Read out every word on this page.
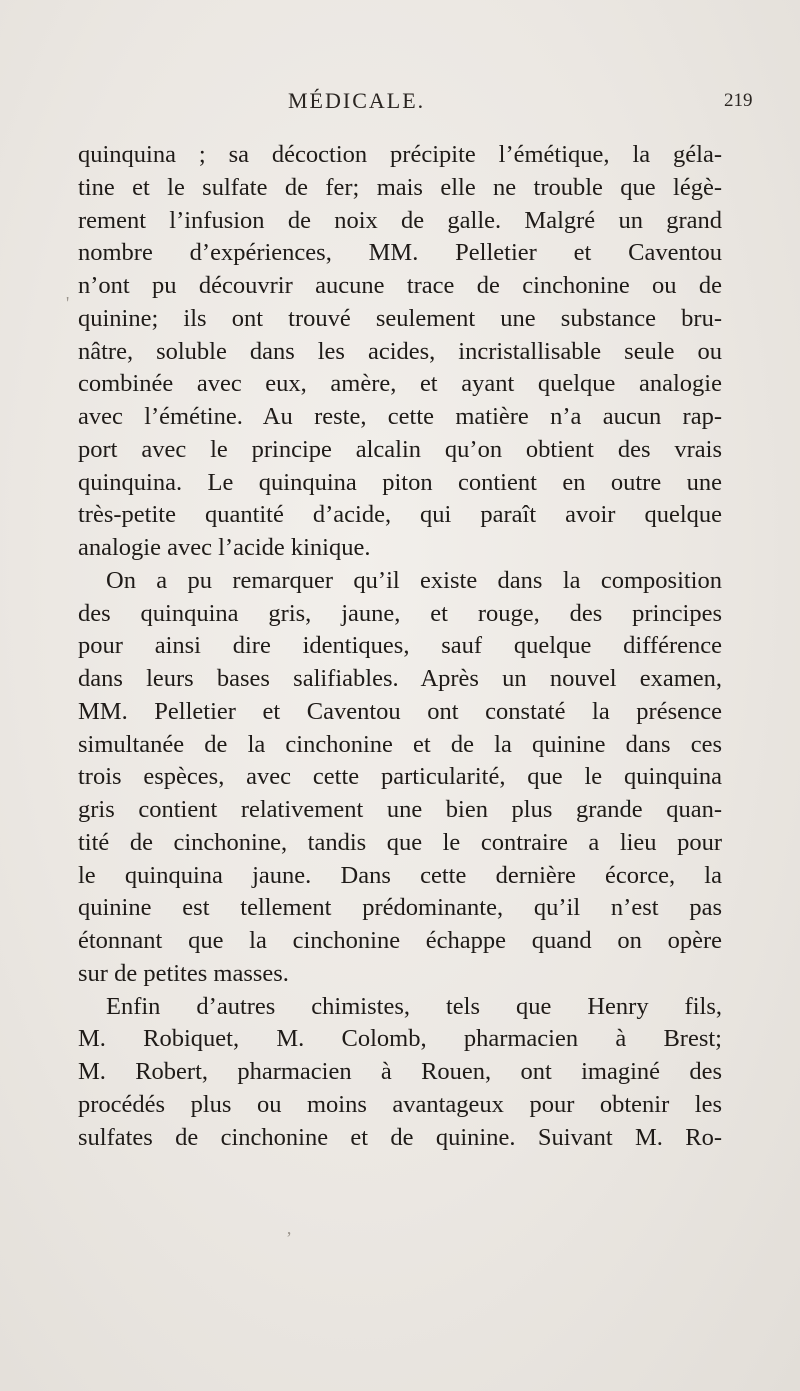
MÉDICALE.	219
quinquina ; sa décoction précipite l’émétique, la géla-
tine et le sulfate de fer; mais elle ne trouble que légè-
rement l’infusion de noix de galle. Malgré un grand
nombre d’expériences, MM. Pelletier et Caventou
n’ont pu découvrir aucune trace de cinchonine ou de
quinine; ils ont trouvé seulement une substance bru-
nâtre, soluble dans les acides, incristallisable seule ou
combinée avec eux, amère, et ayant quelque analogie
avec l’émétine. Au reste, cette matière n’a aucun rap-
port avec le principe alcalin qu’on obtient des vrais
quinquina. Le quinquina piton contient en outre une
très-petite quantité d’acide, qui paraît avoir quelque
analogie avec l’acide kinique.
On a pu remarquer qu’il existe dans la composition
des quinquina gris, jaune, et rouge, des principes
pour ainsi dire identiques, sauf quelque différence
dans leurs bases salifiables. Après un nouvel examen,
MM. Pelletier et Caventou ont constaté la présence
simultanée de la cinchonine et de la quinine dans ces
trois espèces, avec cette particularité, que le quinquina
gris contient relativement une bien plus grande quan-
tité de cinchonine, tandis que le contraire a lieu pour
le quinquina jaune. Dans cette dernière écorce, la
quinine est tellement prédominante, qu’il n’est pas
étonnant que la cinchonine échappe quand on opère
sur de petites masses.
Enfin d’autres chimistes, tels que Henry fils,
M. Robiquet, M. Colomb, pharmacien à Brest;
M. Robert, pharmacien à Rouen, ont imaginé des
procédés plus ou moins avantageux pour obtenir les
sulfates de cinchonine et de quinine. Suivant M. Ro-
'
‚
